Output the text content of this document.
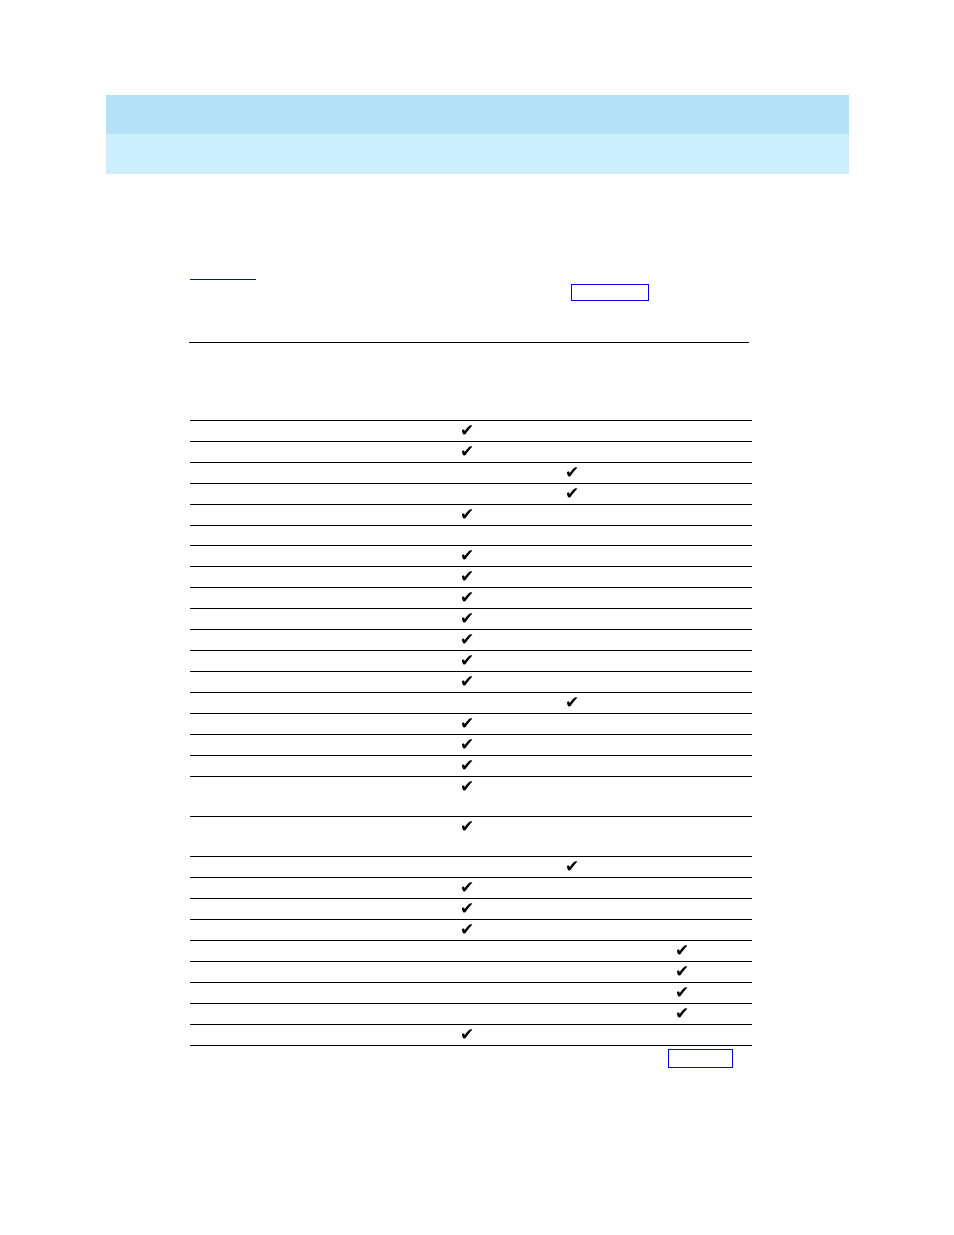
	✔		
	✔		
		✔	
		✔	
	✔		

	✔		
	✔		
	✔		
	✔		
	✔		
	✔		
	✔		
		✔	
	✔		
	✔		
	✔		
	✔		
	✔		
		✔	
	✔		
	✔		
	✔		
			✔
			✔
			✔
			✔
	✔		
